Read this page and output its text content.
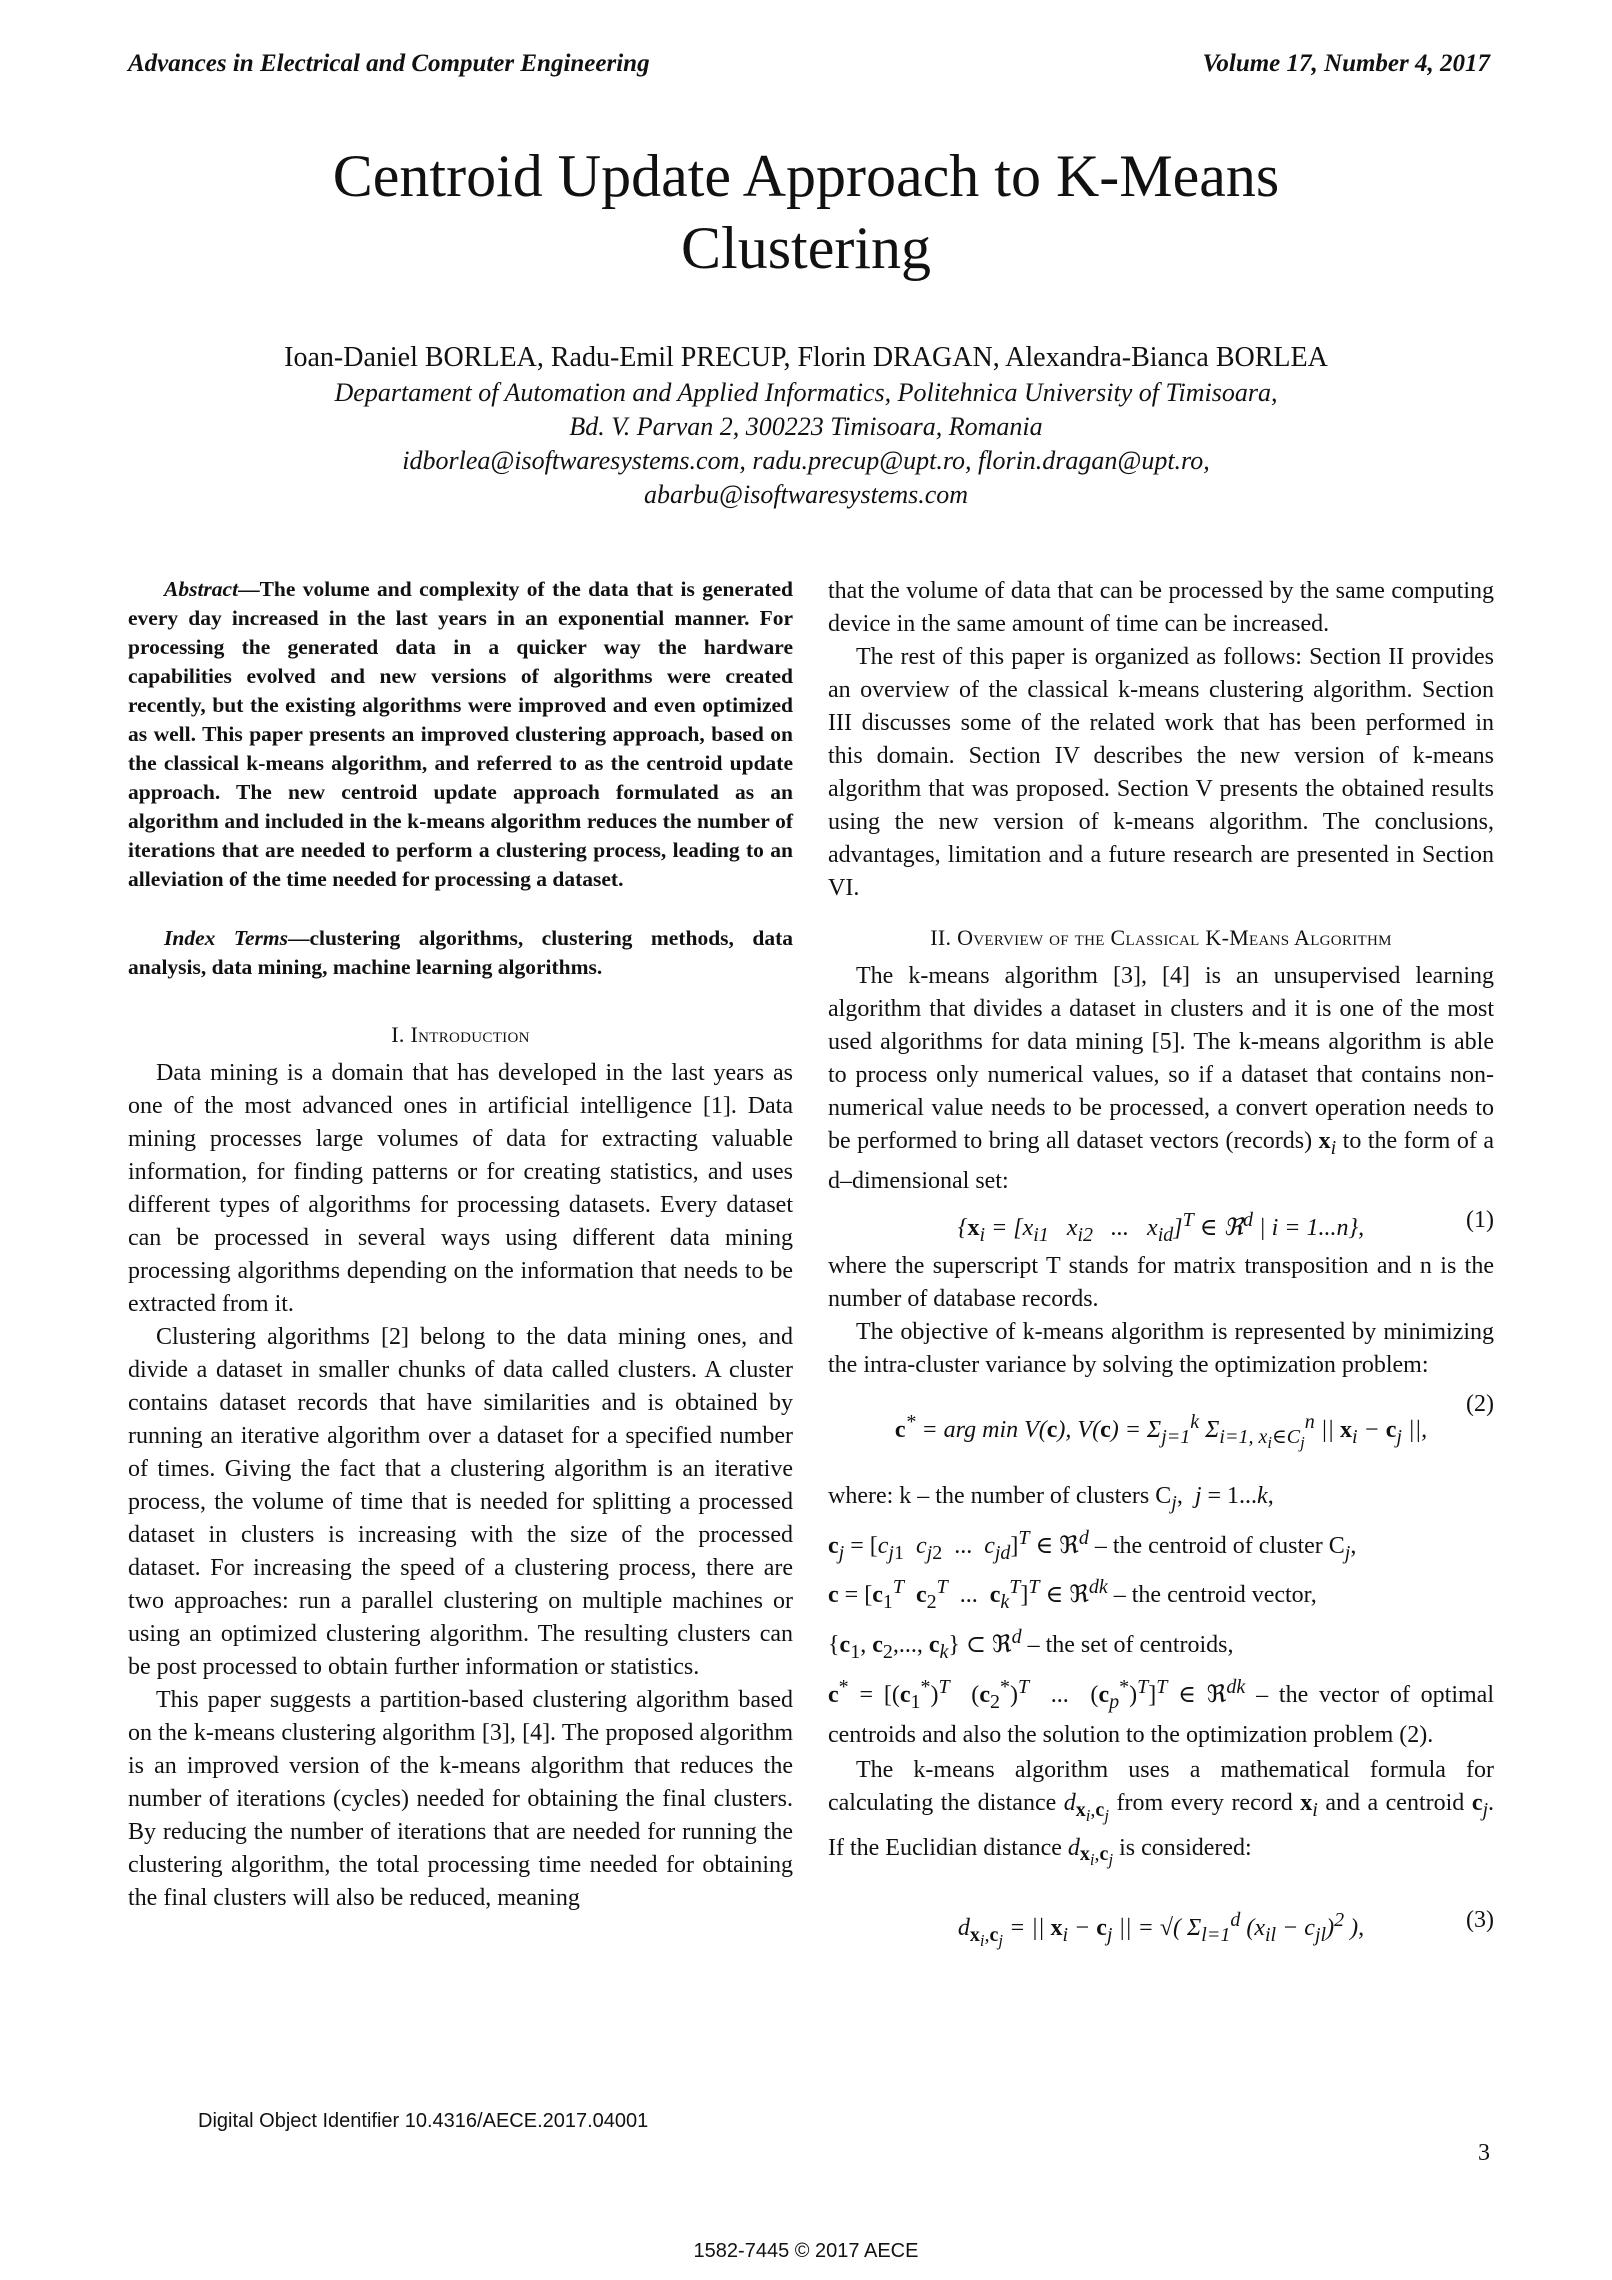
Advances in Electrical and Computer Engineering	Volume 17, Number 4, 2017
Centroid Update Approach to K-Means
Clustering
Ioan-Daniel BORLEA, Radu-Emil PRECUP, Florin DRAGAN, Alexandra-Bianca BORLEA
Departament of Automation and Applied Informatics, Politehnica University of Timisoara,
Bd. V. Parvan 2, 300223 Timisoara, Romania
idborlea@isoftwaresystems.com, radu.precup@upt.ro, florin.dragan@upt.ro,
abarbu@isoftwaresystems.com

Abstract—The volume and complexity of the data that is generated every day increased in the last years in an exponential manner. For processing the generated data in a quicker way the hardware capabilities evolved and new versions of algorithms were created recently, but the existing algorithms were improved and even optimized as well. This paper presents an improved clustering approach, based on the classical k-means algorithm, and referred to as the centroid update approach. The new centroid update approach formulated as an algorithm and included in the k-means algorithm reduces the number of iterations that are needed to perform a clustering process, leading to an alleviation of the time needed for processing a dataset.

Index Terms—clustering algorithms, clustering methods, data analysis, data mining, machine learning algorithms.

I. Introduction

Data mining is a domain that has developed in the last years as one of the most advanced ones in artificial intelligence [1]. Data mining processes large volumes of data for extracting valuable information, for finding patterns or for creating statistics, and uses different types of algorithms for processing datasets. Every dataset can be processed in several ways using different data mining processing algorithms depending on the information that needs to be extracted from it.

Clustering algorithms [2] belong to the data mining ones, and divide a dataset in smaller chunks of data called clusters. A cluster contains dataset records that have similarities and is obtained by running an iterative algorithm over a dataset for a specified number of times. Giving the fact that a clustering algorithm is an iterative process, the volume of time that is needed for splitting a processed dataset in clusters is increasing with the size of the processed dataset. For increasing the speed of a clustering process, there are two approaches: run a parallel clustering on multiple machines or using an optimized clustering algorithm. The resulting clusters can be post processed to obtain further information or statistics.

This paper suggests a partition-based clustering algorithm based on the k-means clustering algorithm [3], [4]. The proposed algorithm is an improved version of the k-means algorithm that reduces the number of iterations (cycles) needed for obtaining the final clusters. By reducing the number of iterations that are needed for running the clustering algorithm, the total processing time needed for obtaining the final clusters will also be reduced, meaning

that the volume of data that can be processed by the same computing device in the same amount of time can be increased.

The rest of this paper is organized as follows: Section II provides an overview of the classical k-means clustering algorithm. Section III discusses some of the related work that has been performed in this domain. Section IV describes the new version of k-means algorithm that was proposed. Section V presents the obtained results using the new version of k-means algorithm. The conclusions, advantages, limitation and a future research are presented in Section VI.

II. Overview of the Classical K-Means Algorithm

The k-means algorithm [3], [4] is an unsupervised learning algorithm that divides a dataset in clusters and it is one of the most used algorithms for data mining [5]. The k-means algorithm is able to process only numerical values, so if a dataset that contains non-numerical value needs to be processed, a convert operation needs to be performed to bring all dataset vectors (records) $x_i$ to the form of a d–dimensional set:

{$x_i = [x_{i1}$   $x_{i2}$   ...   $x_{id}]^T$ ∈ ℜ$^d$ | i = 1...n},	(1)

where the superscript T stands for matrix transposition and n is the number of database records.

The objective of k-means algorithm is represented by minimizing the intra-cluster variance by solving the optimization problem:

c* = arg min V(c), $V(c) = \Sigma_{j=1}^k$ $\Sigma_{i=1, x_i\in C_j}^n$ || $x_i - c_j$ ||,
(2)
where: k – the number of clusters $C_j$,  j = 1...k,
$c_j = [c_{j1}$ $c_{j2}$  ...  $c_{jd}]^T$ ∈ ℜ$^d$ – the centroid of cluster $C_j$,
$c = [c_1^T$ $c_2^T$  ...  $c_k^T]^T$ ∈ ℜ$^{dk}$ – the centroid vector,
{$c_1$, $c_2$,..., $c_k$} ⊂ ℜ$^d$ – the set of centroids,
$c^* = [(c_1^*)^T$  $(c_2^*)^T$  ...  $(c_p^*)^T]^T$ ∈ ℜ$^{dk}$ – the vector of optimal centroids and also the solution to the optimization problem (2).

The k-means algorithm uses a mathematical formula for calculating the distance $d_{x_i,c_j}$ from every record $x_i$ and a centroid $c_j$. If the Euclidian distance $d_{x_i,c_j}$ is considered:

$d_{x_i,c_j}$ = || $x_i - c_j$ || = √( $\Sigma_{l=1}^d$ $(x_{il} - c_{jl})^2$ ),	(3)
Digital Object Identifier 10.4316/AECE.2017.04001
3
1582-7445 © 2017 AECE
